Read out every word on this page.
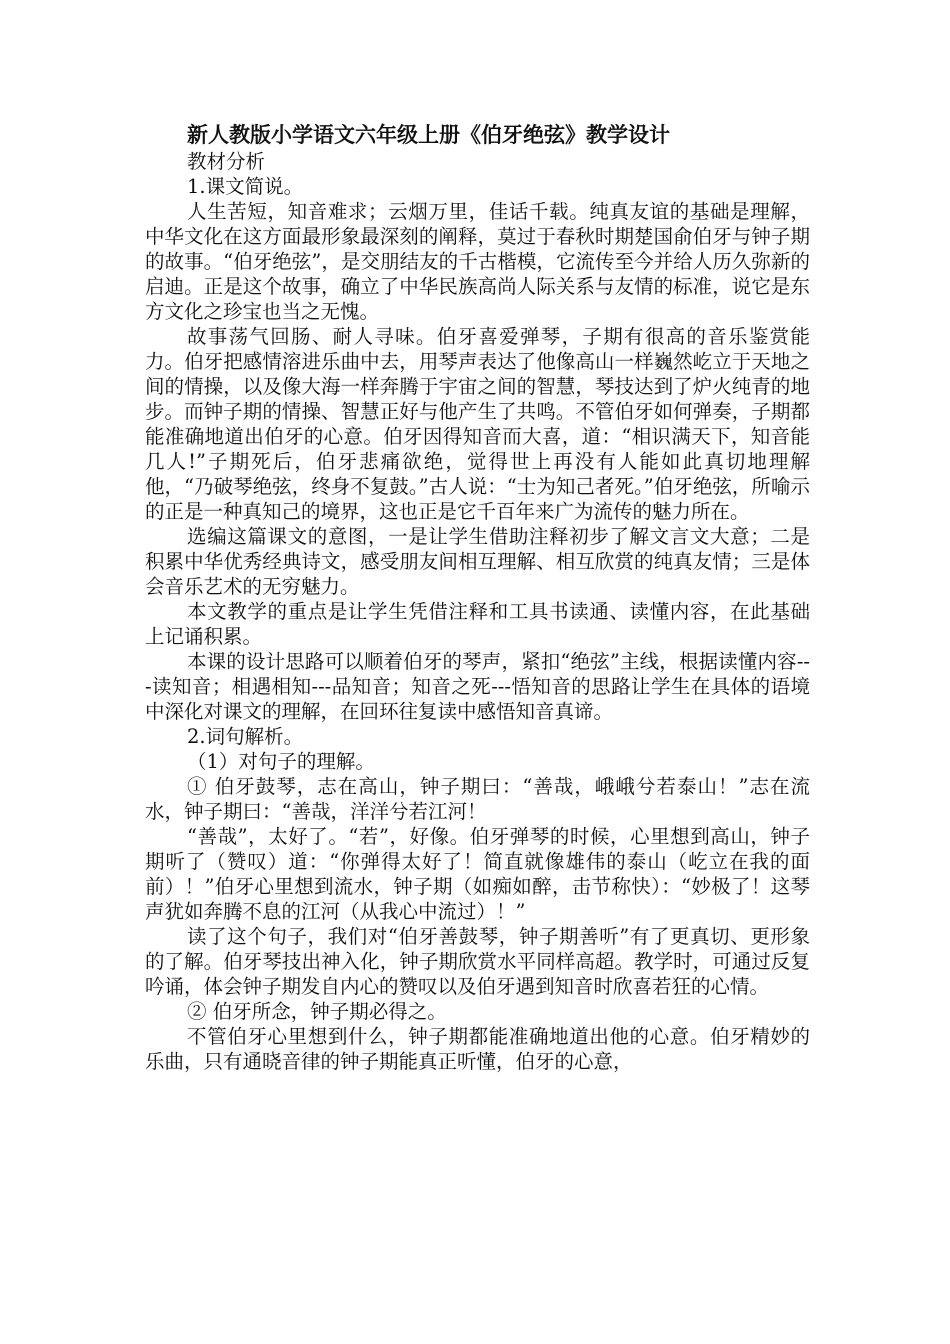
新人教版小学语文六年级上册《伯牙绝弦》教学设计

教材分析

1.课文简说。

人生苦短，知音难求；云烟万里，佳话千载。纯真友谊的基础是理解，中华文化在这方面最形象最深刻的阐释，莫过于春秋时期楚国俞伯牙与钟子期的故事。“伯牙绝弦”，是交朋结友的千古楷模，它流传至今并给人历久弥新的启迪。正是这个故事，确立了中华民族高尚人际关系与友情的标准，说它是东方文化之珍宝也当之无愧。

故事荡气回肠、耐人寻味。伯牙喜爱弹琴，子期有很高的音乐鉴赏能力。伯牙把感情溶进乐曲中去，用琴声表达了他像高山一样巍然屹立于天地之间的情操，以及像大海一样奔腾于宇宙之间的智慧，琴技达到了炉火纯青的地步。而钟子期的情操、智慧正好与他产生了共鸣。不管伯牙如何弹奏，子期都能准确地道出伯牙的心意。伯牙因得知音而大喜，道：“相识满天下，知音能几人!”子期死后，伯牙悲痛欲绝，觉得世上再没有人能如此真切地理解他，“乃破琴绝弦，终身不复鼓。”古人说：“士为知己者死。”伯牙绝弦，所喻示的正是一种真知己的境界，这也正是它千百年来广为流传的魅力所在。

选编这篇课文的意图，一是让学生借助注释初步了解文言文大意；二是积累中华优秀经典诗文，感受朋友间相互理解、相互欣赏的纯真友情；三是体会音乐艺术的无穷魅力。

本文教学的重点是让学生凭借注释和工具书读通、读懂内容，在此基础上记诵积累。

本课的设计思路可以顺着伯牙的琴声，紧扣“绝弦”主线，根据读懂内容---读知音；相遇相知---品知音；知音之死---悟知音的思路让学生在具体的语境中深化对课文的理解，在回环往复读中感悟知音真谛。

2.词句解析。

（1）对句子的理解。

① 伯牙鼓琴，志在高山，钟子期曰：“善哉，峨峨兮若泰山！”志在流水，钟子期曰：“善哉，洋洋兮若江河！

“善哉”，太好了。“若”，好像。伯牙弹琴的时候，心里想到高山，钟子期听了（赞叹）道：“你弹得太好了！简直就像雄伟的泰山（屹立在我的面前）！”伯牙心里想到流水，钟子期（如痴如醉，击节称快）：“妙极了！这琴声犹如奔腾不息的江河（从我心中流过）！”

读了这个句子，我们对“伯牙善鼓琴，钟子期善听”有了更真切、更形象的了解。伯牙琴技出神入化，钟子期欣赏水平同样高超。教学时，可通过反复吟诵，体会钟子期发自内心的赞叹以及伯牙遇到知音时欣喜若狂的心情。

② 伯牙所念，钟子期必得之。

不管伯牙心里想到什么，钟子期都能准确地道出他的心意。伯牙精妙的乐曲，只有通晓音律的钟子期能真正听懂，伯牙的心意，
